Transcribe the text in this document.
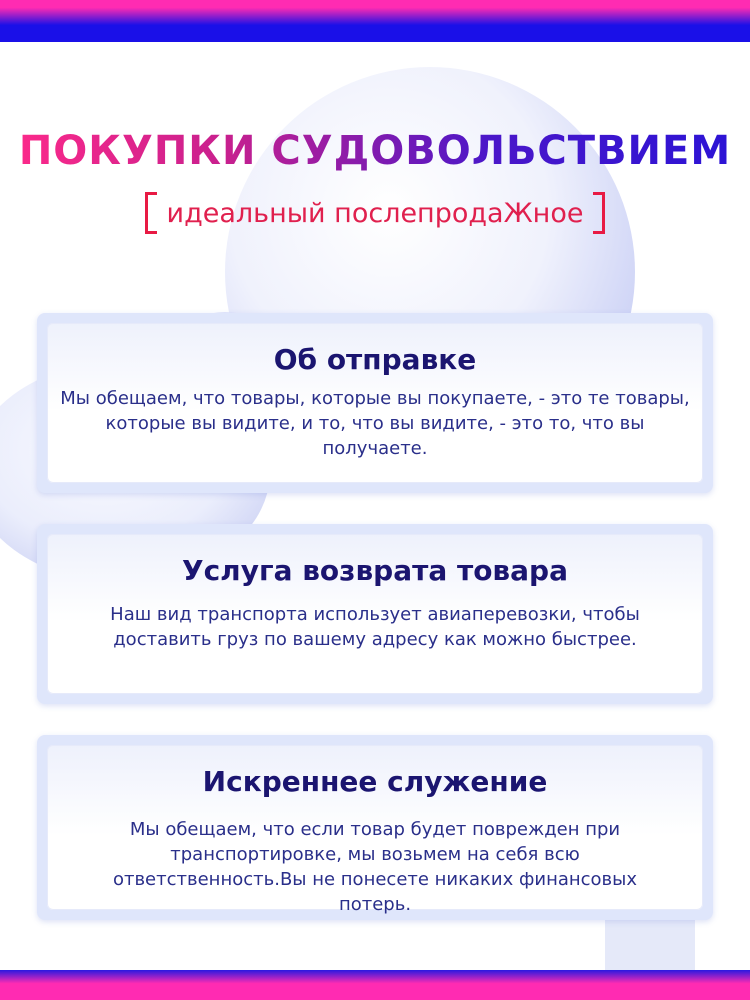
ПОКУПКИ СУДОВОЛЬСТВИЕМ
идеальный послепродаЖное
Об отправке

Мы обещаем, что товары, которые вы покупаете, - это те товары, которые вы видите, и то, что вы видите, - это то, что вы получаете.

Услуга возврата товара

Наш вид транспорта использует авиаперевозки, чтобы доставить груз по вашему адресу как можно быстрее.

Искреннее служение

Мы обещаем, что если товар будет поврежден при транспортировке, мы возьмем на себя всю ответственность.Вы не понесете никаких финансовых потерь.
